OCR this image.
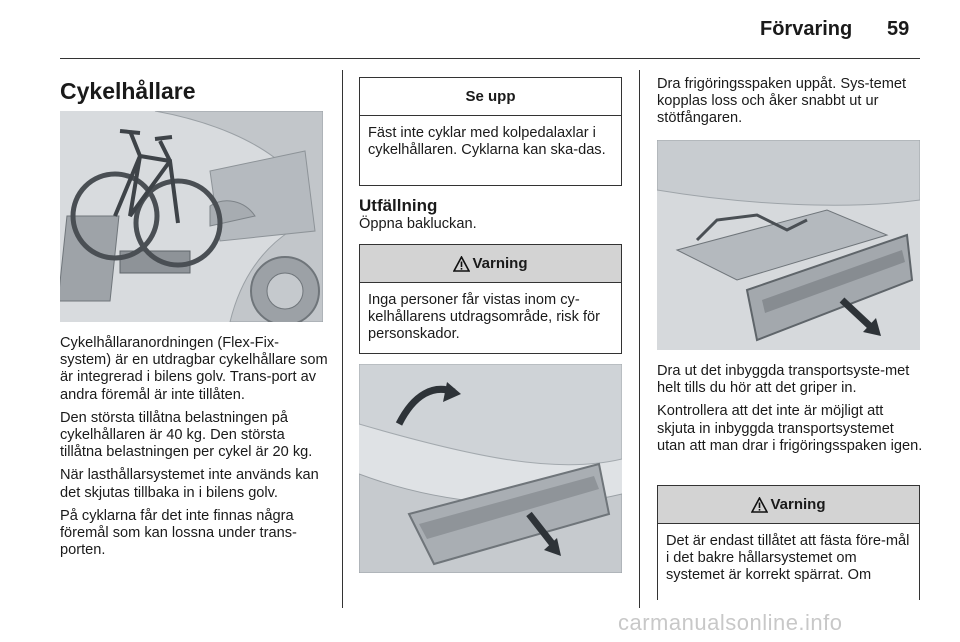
Förvaring 59
Cykelhållare

Cykelhållaranordningen (Flex-Fix-system) är en utdragbar cykelhållare som är integrerad i bilens golv. Trans-port av andra föremål är inte tillåten.

Den största tillåtna belastningen på cykelhållaren är 40 kg. Den största tillåtna belastningen per cykel är 20 kg.

När lasthållarsystemet inte används kan det skjutas tillbaka in i bilens golv.

På cyklarna får det inte finnas några föremål som kan lossna under trans-porten.

Se upp
Fäst inte cyklar med kolpedalaxlar i cykelhållaren. Cyklarna kan ska-das.
Utfällning

Öppna bakluckan.

Varning
Inga personer får vistas inom cy-kelhållarens utdragsområde, risk för personskador.

Dra frigöringsspaken uppåt. Sys-temet kopplas loss och åker snabbt ut ur stötfångaren.

Dra ut det inbyggda transportsyste-met helt tills du hör att det griper in.

Kontrollera att det inte är möjligt att skjuta in inbyggda transportsystemet utan att man drar i frigöringsspaken igen.

Varning
Det är endast tillåtet att fästa före-mål i det bakre hållarsystemet om systemet är korrekt spärrat. Om
carmanualsonline.info
